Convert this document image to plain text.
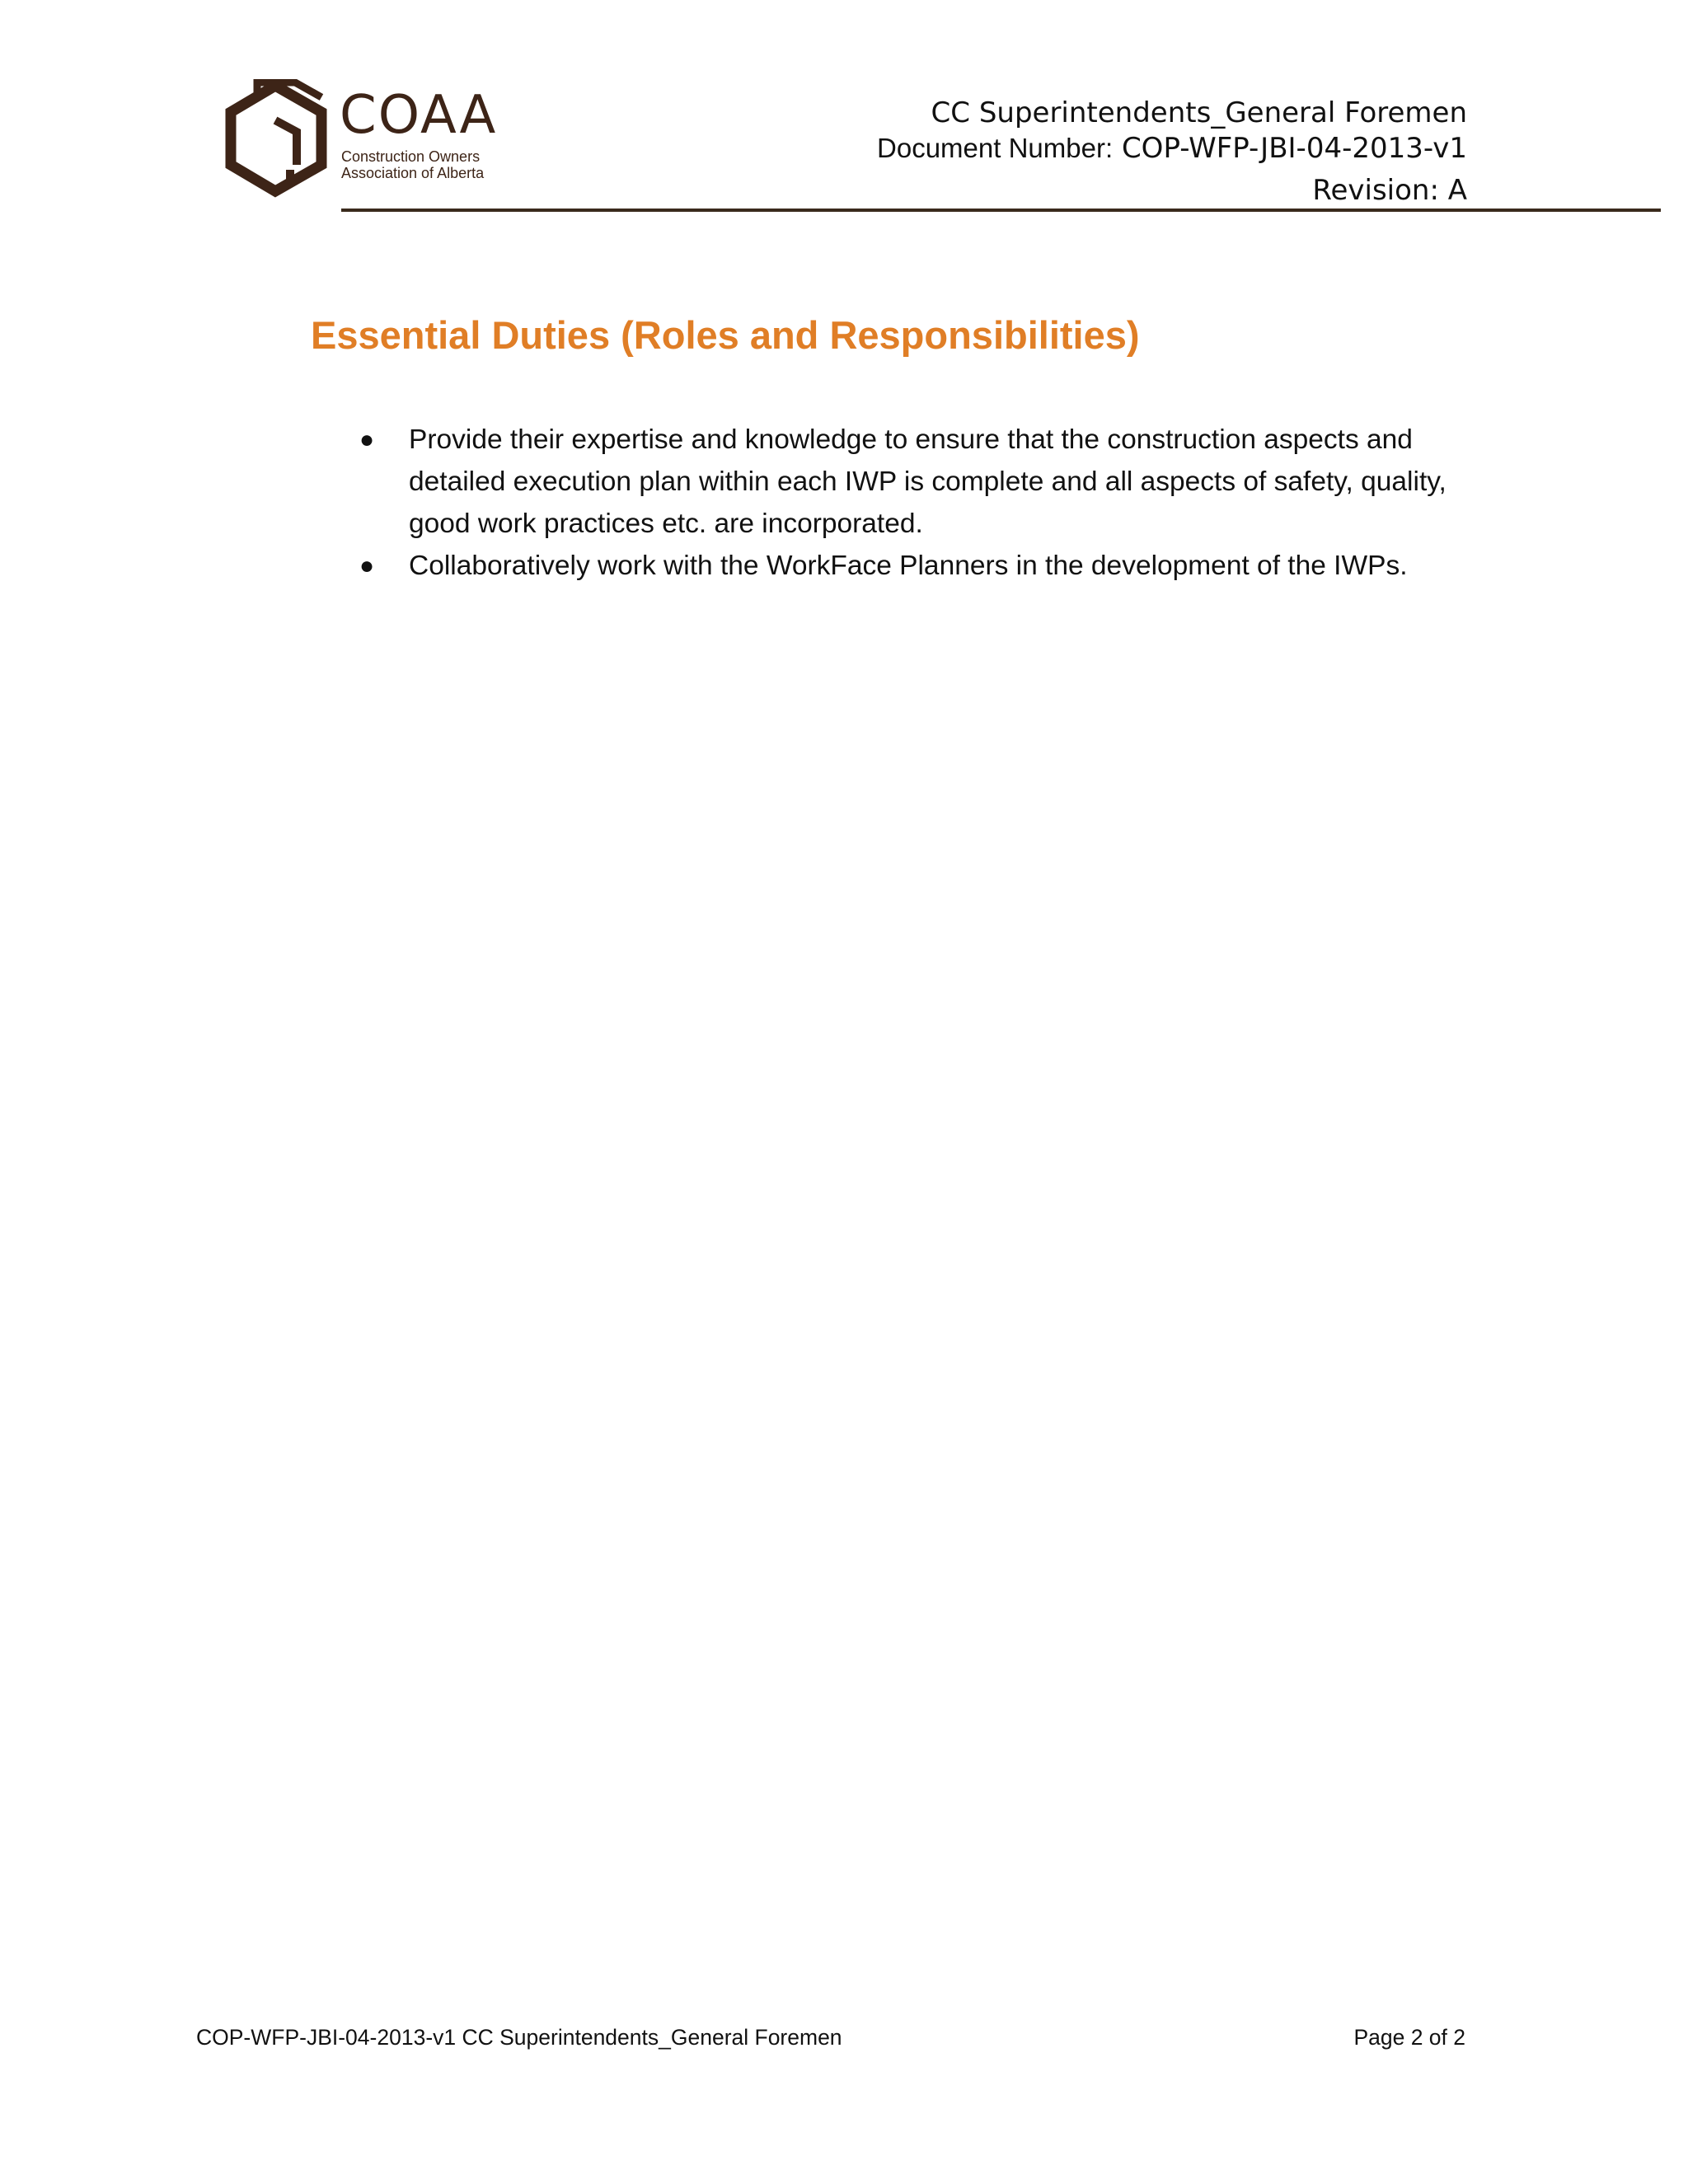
COAA
Construction Owners
Association of Alberta
CC Superintendents_General Foremen
Document Number: COP-WFP-JBI-04-2013-v1
Revision: A
Essential Duties (Roles and Responsibilities)
●	Provide their expertise and knowledge to ensure that the construction aspects and detailed execution plan within each IWP is complete and all aspects of safety, quality, good work practices etc. are incorporated.
●	Collaboratively work with the WorkFace Planners in the development of the IWPs.
COP-WFP-JBI-04-2013-v1 CC Superintendents_General Foremen	Page 2 of 2
